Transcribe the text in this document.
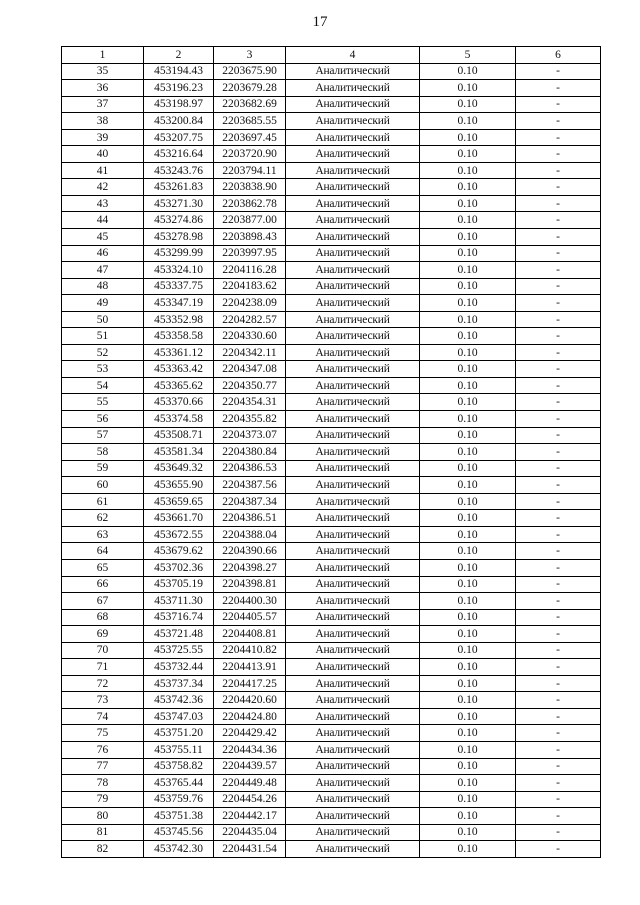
17
1	2	3	4	5	6
35	453194.43	2203675.90	Аналитический	0.10	-
36	453196.23	2203679.28	Аналитический	0.10	-
37	453198.97	2203682.69	Аналитический	0.10	-
38	453200.84	2203685.55	Аналитический	0.10	-
39	453207.75	2203697.45	Аналитический	0.10	-
40	453216.64	2203720.90	Аналитический	0.10	-
41	453243.76	2203794.11	Аналитический	0.10	-
42	453261.83	2203838.90	Аналитический	0.10	-
43	453271.30	2203862.78	Аналитический	0.10	-
44	453274.86	2203877.00	Аналитический	0.10	-
45	453278.98	2203898.43	Аналитический	0.10	-
46	453299.99	2203997.95	Аналитический	0.10	-
47	453324.10	2204116.28	Аналитический	0.10	-
48	453337.75	2204183.62	Аналитический	0.10	-
49	453347.19	2204238.09	Аналитический	0.10	-
50	453352.98	2204282.57	Аналитический	0.10	-
51	453358.58	2204330.60	Аналитический	0.10	-
52	453361.12	2204342.11	Аналитический	0.10	-
53	453363.42	2204347.08	Аналитический	0.10	-
54	453365.62	2204350.77	Аналитический	0.10	-
55	453370.66	2204354.31	Аналитический	0.10	-
56	453374.58	2204355.82	Аналитический	0.10	-
57	453508.71	2204373.07	Аналитический	0.10	-
58	453581.34	2204380.84	Аналитический	0.10	-
59	453649.32	2204386.53	Аналитический	0.10	-
60	453655.90	2204387.56	Аналитический	0.10	-
61	453659.65	2204387.34	Аналитический	0.10	-
62	453661.70	2204386.51	Аналитический	0.10	-
63	453672.55	2204388.04	Аналитический	0.10	-
64	453679.62	2204390.66	Аналитический	0.10	-
65	453702.36	2204398.27	Аналитический	0.10	-
66	453705.19	2204398.81	Аналитический	0.10	-
67	453711.30	2204400.30	Аналитический	0.10	-
68	453716.74	2204405.57	Аналитический	0.10	-
69	453721.48	2204408.81	Аналитический	0.10	-
70	453725.55	2204410.82	Аналитический	0.10	-
71	453732.44	2204413.91	Аналитический	0.10	-
72	453737.34	2204417.25	Аналитический	0.10	-
73	453742.36	2204420.60	Аналитический	0.10	-
74	453747.03	2204424.80	Аналитический	0.10	-
75	453751.20	2204429.42	Аналитический	0.10	-
76	453755.11	2204434.36	Аналитический	0.10	-
77	453758.82	2204439.57	Аналитический	0.10	-
78	453765.44	2204449.48	Аналитический	0.10	-
79	453759.76	2204454.26	Аналитический	0.10	-
80	453751.38	2204442.17	Аналитический	0.10	-
81	453745.56	2204435.04	Аналитический	0.10	-
82	453742.30	2204431.54	Аналитический	0.10	-
